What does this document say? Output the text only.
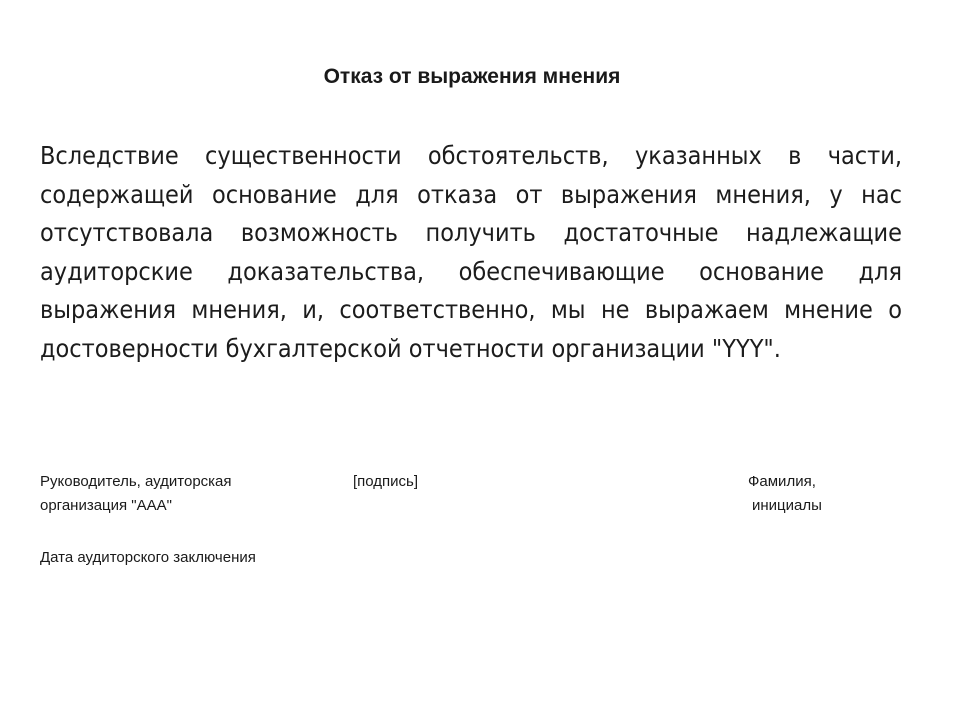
Отказ от выражения мнения
Вследствие существенности обстоятельств, указанных в части, содержащей основание для отказа от выражения мнения, у нас отсутствовала возможность получить достаточные надлежащие аудиторские доказательства, обеспечивающие основание для выражения мнения, и, соответственно, мы не выражаем мнение о достоверности бухгалтерской отчетности организации "YYY".
Руководитель, аудиторская
организация "AAA"
[подпись]	Фамилия,
инициалы
Дата аудиторского заключения
